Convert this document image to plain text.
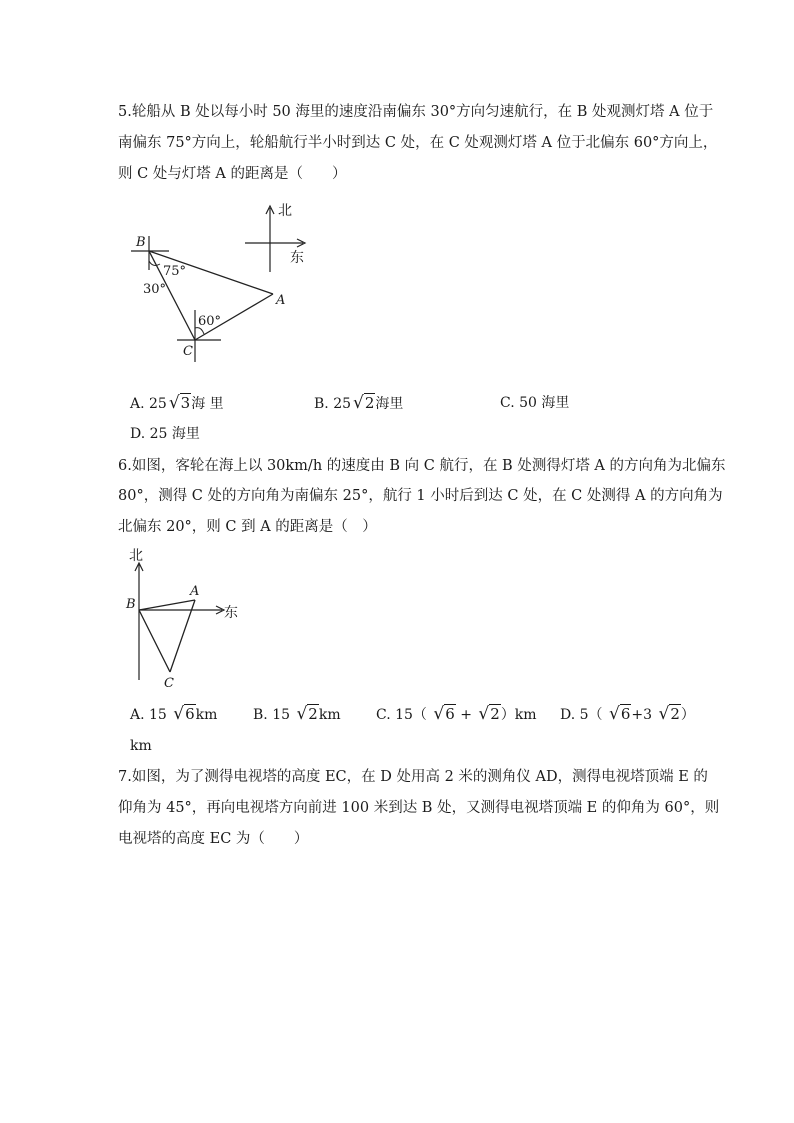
5.轮船从 B 处以每小时 50 海里的速度沿南偏东 30°方向匀速航行，在 B 处观测灯塔 A 位于
南偏东 75°方向上，轮船航行半小时到达 C 处，在 C 处观测灯塔 A 位于北偏东 60°方向上，
则 C 处与灯塔 A 的距离是（　　）
B
75°
30°
A
60°
C
北
东
A. 25 √3海 里	B. 25 √2海里	C. 50 海里
D. 25 海里
6.如图，客轮在海上以 30km/h 的速度由 B 向 C 航行，在 B 处测得灯塔 A 的方向角为北偏东
80°，测得 C 处的方向角为南偏东 25°，航行 1 小时后到达 C 处，在 C 处测得 A 的方向角为
北偏东 20°，则 C 到 A 的距离是（　）
北
东
B
A
C
A. 15 √6km	B. 15 √2km	C. 15（ √6 + √2）km D. 5（ √6+3 √2）
km
7.如图，为了测得电视塔的高度 EC，在 D 处用高 2 米的测角仪 AD，测得电视塔顶端 E 的
仰角为 45°，再向电视塔方向前进 100 米到达 B 处，又测得电视塔顶端 E 的仰角为 60°，则
电视塔的高度 EC 为（　　）
